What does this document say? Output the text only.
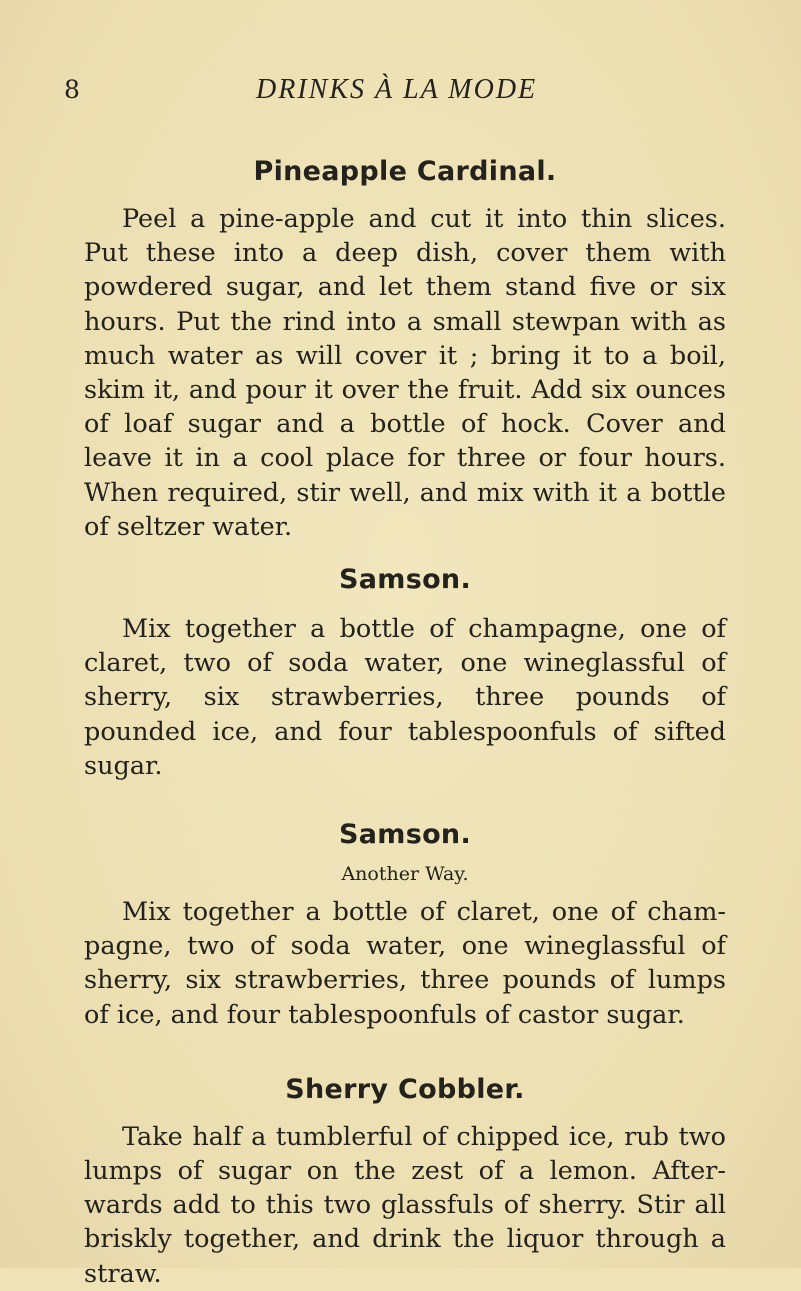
8	DRINKS À LA MODE
Pineapple Cardinal.

Peel a pine-apple and cut it into thin slices. Put these into a deep dish, cover them with powdered sugar, and let them stand five or six hours. Put the rind into a small stewpan with as much water as will cover it ; bring it to a boil, skim it, and pour it over the fruit. Add six ounces of loaf sugar and a bottle of hock. Cover and leave it in a cool place for three or four hours. When required, stir well, and mix with it a bottle of seltzer water.

Samson.

Mix together a bottle of champagne, one of claret, two of soda water, one wineglassful of sherry, six strawberries, three pounds of pounded ice, and four tablespoonfuls of sifted sugar.

Samson.
Another Way.

Mix together a bottle of claret, one of cham- pagne, two of soda water, one wineglassful of sherry, six strawberries, three pounds of lumps of ice, and four tablespoonfuls of castor sugar.

Sherry Cobbler.

Take half a tumblerful of chipped ice, rub two lumps of sugar on the zest of a lemon. After- wards add to this two glassfuls of sherry. Stir all briskly together, and drink the liquor through a straw.
